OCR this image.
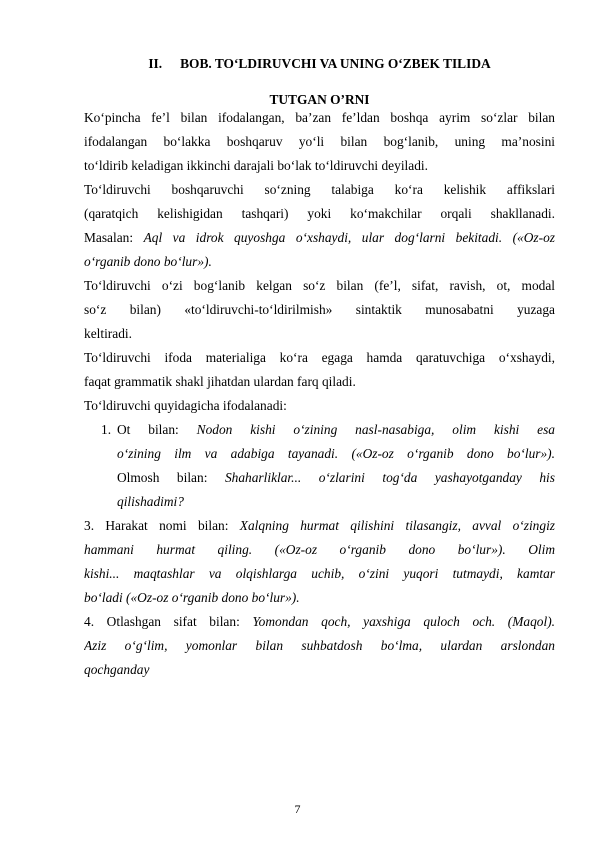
II. BOB. TO‘LDIRUVCHI VA UNING O‘ZBEK TILIDA
TUTGAN O’RNI
Ko‘pincha fe’l bilan ifodalangan, ba’zan fe’ldan boshqa ayrim so‘zlar bilan
ifodalangan bo‘lakka boshqaruv yo‘li bilan bog‘lanib, uning ma’nosini
to‘ldirib keladigan ikkinchi darajali bo‘lak to‘ldiruvchi deyiladi.
To‘ldiruvchi boshqaruvchi so‘zning talabiga ko‘ra kelishik affikslari
(qaratqich kelishigidan tashqari) yoki ko‘makchilar orqali shakllanadi.
Masalan: Aql va idrok quyoshga o‘xshaydi, ular dog‘larni bekitadi. («Oz-oz
o‘rganib dono bo‘lur»).
To‘ldiruvchi o‘zi bog‘lanib kelgan so‘z bilan (fe’l, sifat, ravish, ot, modal
so‘z bilan) «to‘ldiruvchi-to‘ldirilmish» sintaktik munosabatni yuzaga
keltiradi.
To‘ldiruvchi ifoda materialiga ko‘ra egaga hamda qaratuvchiga o‘xshaydi,
faqat grammatik shakl jihatdan ulardan farq qiladi.
To‘ldiruvchi quyidagicha ifodalanadi:
1. Ot bilan: Nodon kishi o‘zining nasl-nasabiga, olim kishi esa
o‘zining ilm va adabiga tayanadi. («Oz-oz o‘rganib dono bo‘lur»).
Olmosh bilan: Shaharliklar... o‘zlarini tog‘da yashayotganday his
qilishadimi?
3. Harakat nomi bilan: Xalqning hurmat qilishini tilasangiz, avval o‘zingiz
hammani hurmat qiling. («Oz-oz o‘rganib dono bo‘lur»). Olim
kishi... maqtashlar va olqishlarga uchib, o‘zini yuqori tutmaydi, kamtar
bo‘ladi («Oz-oz o‘rganib dono bo‘lur»).
4. Otlashgan sifat bilan: Yomondan qoch, yaxshiga quloch och. (Maqol).
Aziz o‘g‘lim, yomonlar bilan suhbatdosh bo‘lma, ulardan arslondan
qochganday
7
